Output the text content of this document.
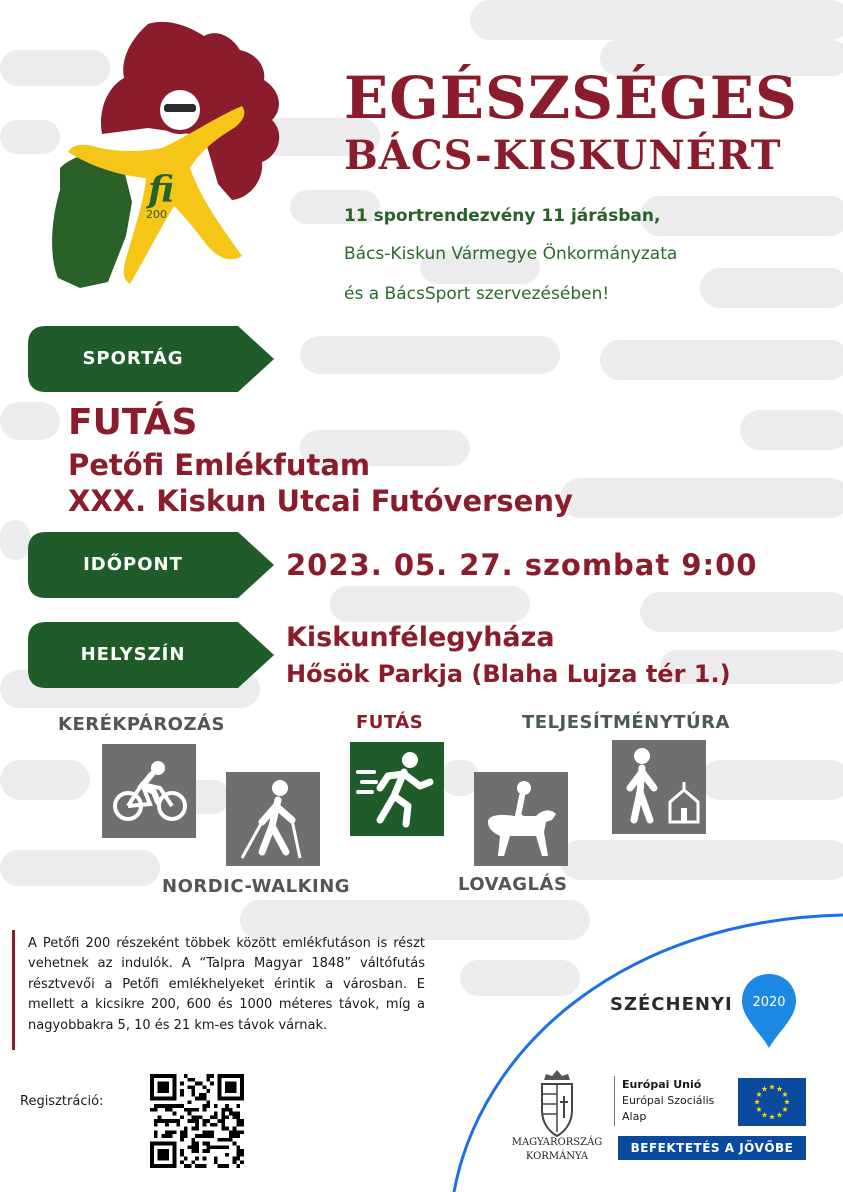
fi
200
EGÉSZSÉGES
BÁCS-KISKUNÉRT
11 sportrendezvény 11 járásban,
Bács-Kiskun Vármegye Önkormányzata
és a BácsSport szervezésében!
SPORTÁG
FUTÁS
Petőfi Emlékfutam
XXX. Kiskun Utcai Futóverseny
IDŐPONT	2023. 05. 27. szombat 9:00
HELYSZÍN
Kiskunfélegyháza
Hősök Parkja (Blaha Lujza tér 1.)
KERÉKPÁROZÁS	FUTÁS	TELJESÍTMÉNYTÚRA
NORDIC-WALKING	LOVAGLÁS
A Petőfi 200 részeként többek között emlékfutáson is részt vehetnek az indulók. A “Talpra Magyar 1848” váltófutás résztvevői a Petőfi emlékhelyeket érintik a városban. E mellett a kicsikre 200, 600 és 1000 méteres távok, míg a nagyobbakra 5, 10 és 21 km-es távok várnak.
Regisztráció:
SZÉCHENYI 2020
MAGYARORSZÁG
KORMÁNYA
Európai Unió
Európai Szociális
Alap
BEFEKTETÉS A JÖVŐBE
